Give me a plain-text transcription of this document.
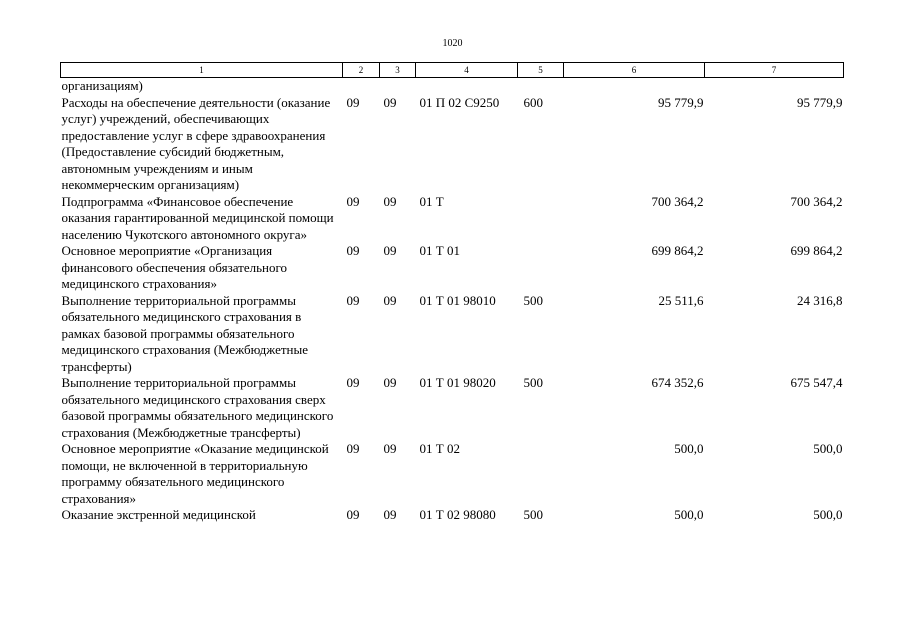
1020
1	2	3	4	5	6	7
организациям)						
Расходы на обеспечение деятельности (оказание услуг) учреждений, обеспечивающих предоставление услуг в сфере здравоохранения (Предоставление субсидий бюджетным, автономным учреждениям и иным некоммерческим организациям)	09	09	01 П 02 С9250	600	95 779,9	95 779,9
Подпрограмма «Финансовое обеспечение оказания гарантированной медицинской помощи населению Чукотского автономного округа»	09	09	01 Т		700 364,2	700 364,2
Основное мероприятие «Организация финансового обеспечения обязательного медицинского страхования»	09	09	01 Т 01		699 864,2	699 864,2
Выполнение территориальной программы обязательного медицинского страхования в рамках базовой программы обязательного медицинского страхования (Межбюджетные трансферты)	09	09	01 Т 01 98010	500	25 511,6	24 316,8
Выполнение территориальной программы обязательного медицинского страхования сверх базовой программы обязательного медицинского страхования (Межбюджетные трансферты)	09	09	01 Т 01 98020	500	674 352,6	675 547,4
Основное мероприятие «Оказание медицинской помощи, не включенной в территориальную программу обязательного медицинского страхования»	09	09	01 Т 02		500,0	500,0
Оказание экстренной медицинской	09	09	01 Т 02 98080	500	500,0	500,0
